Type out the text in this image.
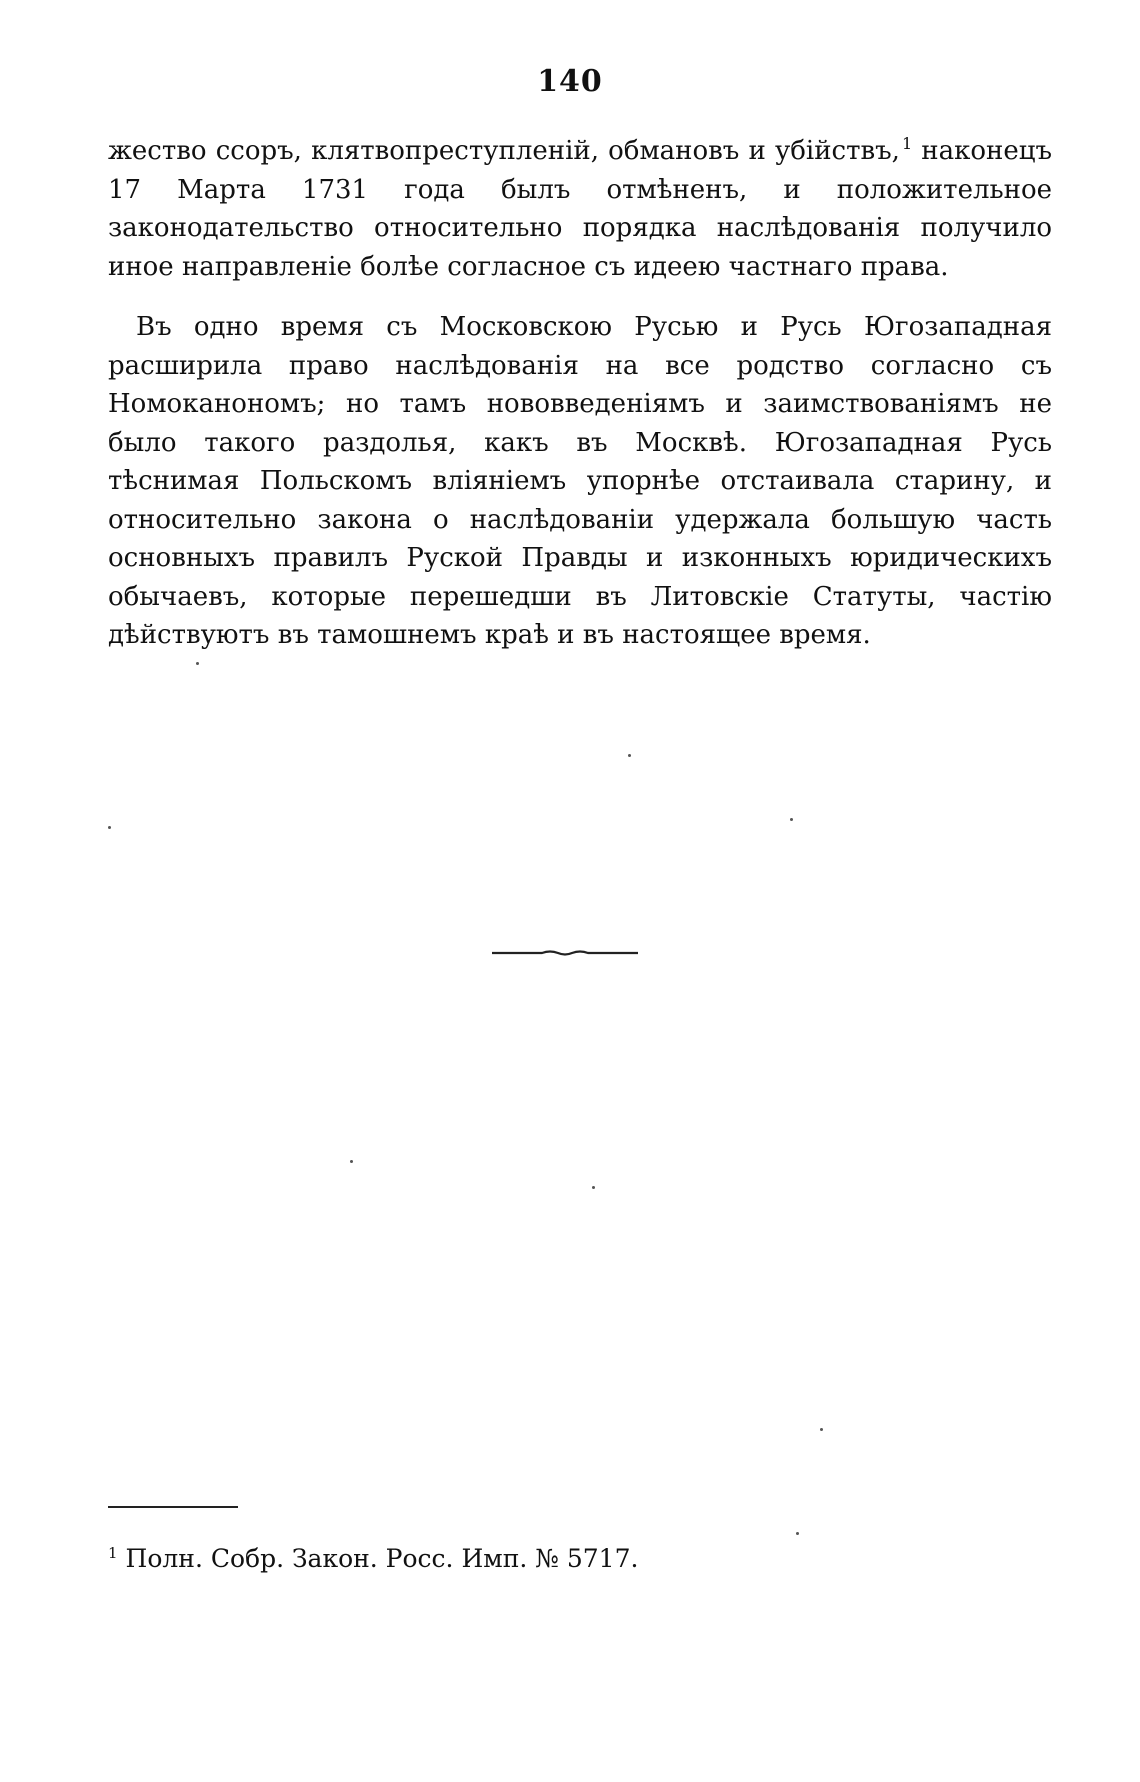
140

жество ссоръ, клятвопреступленій, обмановъ и убійствъ, $^1$ наконецъ 17 Марта 1731 года былъ отмѣненъ, и положительное законодательство относительно порядка наслѣдованія получило иное направленіе болѣе согласное съ идеею частнаго права.

Въ одно время съ Московскою Русью и Русь Югозападная расширила право наслѣдованія на все родство согласно съ Номоканономъ; но тамъ нововведеніямъ и заимствованіямъ не было такого раздолья, какъ въ Москвѣ. Югозападная Русь тѣснимая Польскомъ вліяніемъ упорнѣе отстаивала старину, и относительно закона о наслѣдованіи удержала большую часть основныхъ правилъ Руской Правды и изконныхъ юридическихъ обычаевъ, которые перешедши въ Литовскіе Статуты, частію дѣйствуютъ въ тамошнемъ краѣ и въ настоящее время.

$^1$ Полн. Собр. Закон. Росс. Имп. № 5717.
